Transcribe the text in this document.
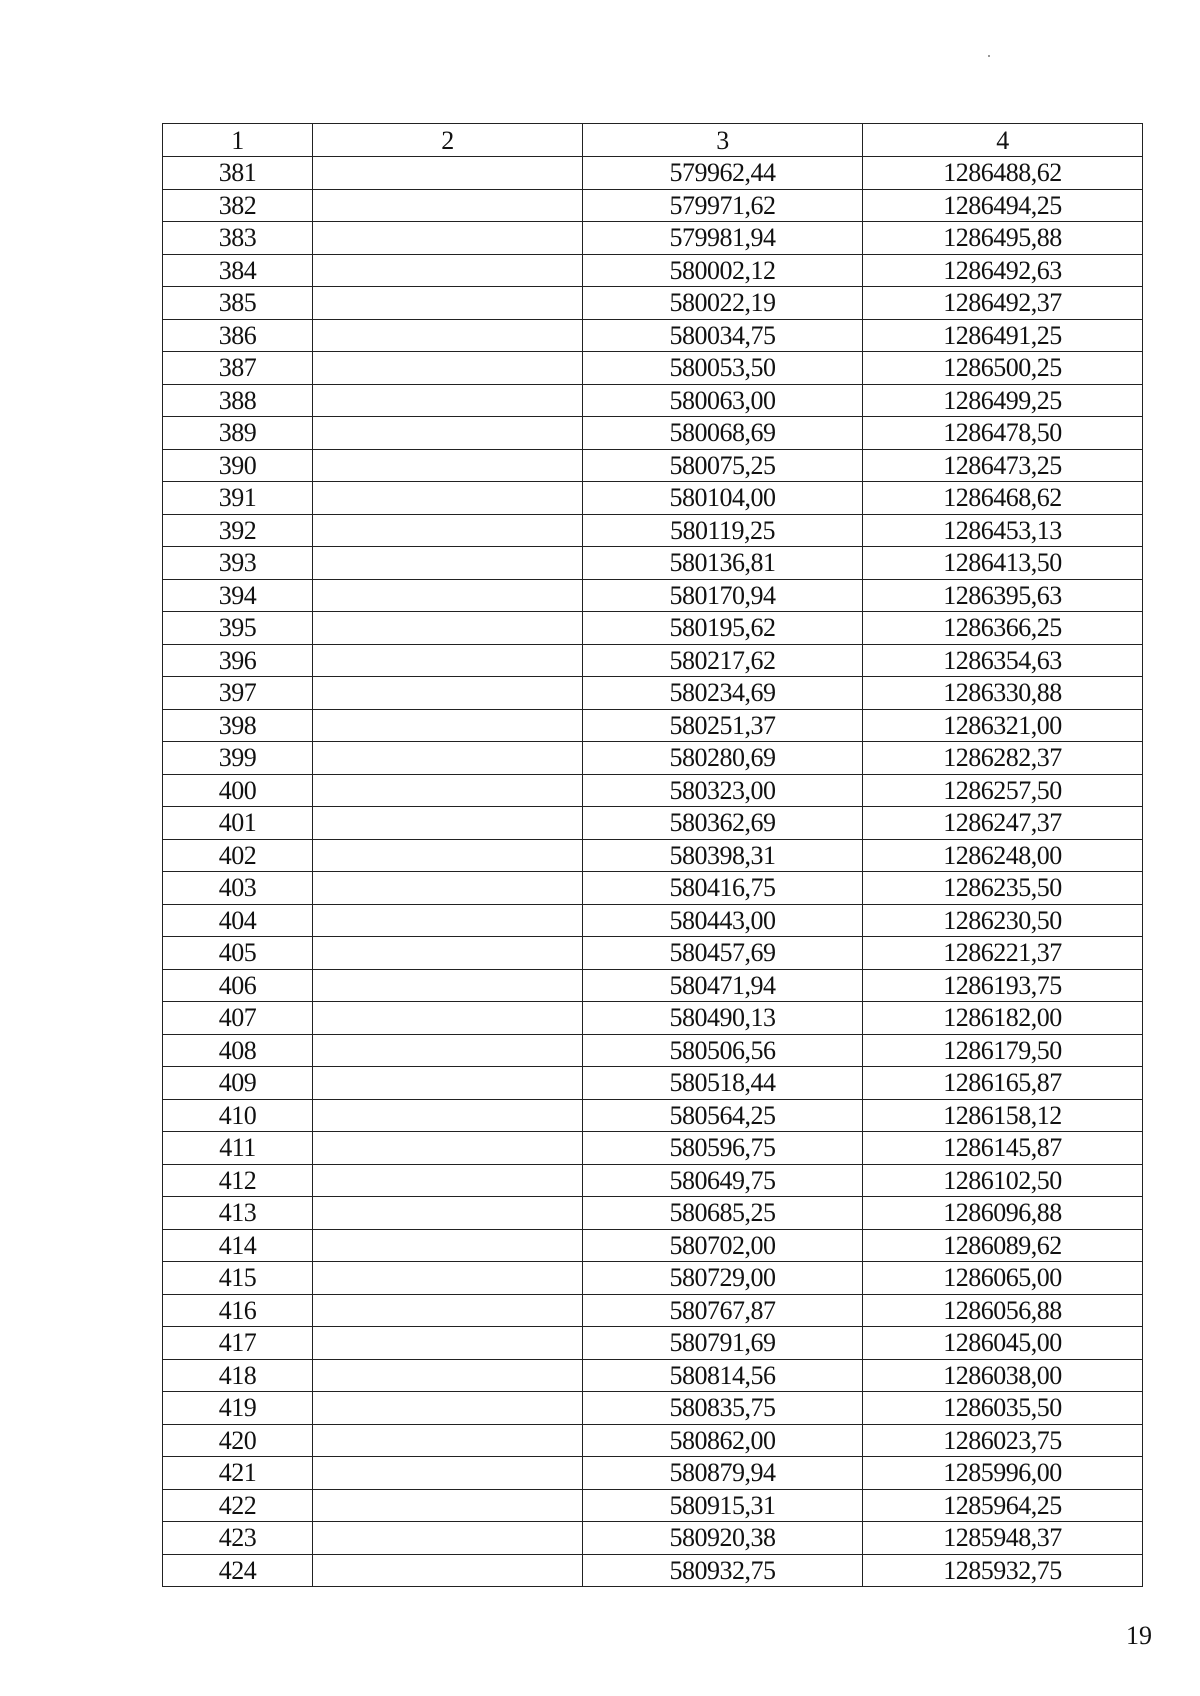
1	2	3	4
381		579962,44	1286488,62
382		579971,62	1286494,25
383		579981,94	1286495,88
384		580002,12	1286492,63
385		580022,19	1286492,37
386		580034,75	1286491,25
387		580053,50	1286500,25
388		580063,00	1286499,25
389		580068,69	1286478,50
390		580075,25	1286473,25
391		580104,00	1286468,62
392		580119,25	1286453,13
393		580136,81	1286413,50
394		580170,94	1286395,63
395		580195,62	1286366,25
396		580217,62	1286354,63
397		580234,69	1286330,88
398		580251,37	1286321,00
399		580280,69	1286282,37
400		580323,00	1286257,50
401		580362,69	1286247,37
402		580398,31	1286248,00
403		580416,75	1286235,50
404		580443,00	1286230,50
405		580457,69	1286221,37
406		580471,94	1286193,75
407		580490,13	1286182,00
408		580506,56	1286179,50
409		580518,44	1286165,87
410		580564,25	1286158,12
411		580596,75	1286145,87
412		580649,75	1286102,50
413		580685,25	1286096,88
414		580702,00	1286089,62
415		580729,00	1286065,00
416		580767,87	1286056,88
417		580791,69	1286045,00
418		580814,56	1286038,00
419		580835,75	1286035,50
420		580862,00	1286023,75
421		580879,94	1285996,00
422		580915,31	1285964,25
423		580920,38	1285948,37
424		580932,75	1285932,75
19
